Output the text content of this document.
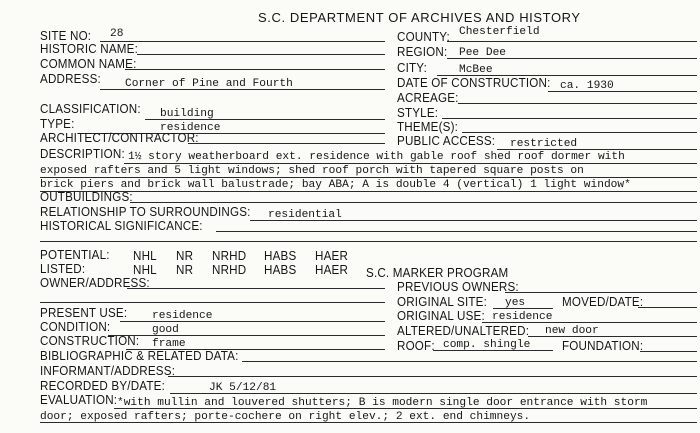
S.C. DEPARTMENT OF ARCHIVES AND HISTORY
SITE NO: 28
HISTORIC NAME:
COMMON NAME:
ADDRESS: Corner of Pine and Fourth
COUNTY: Chesterfield
REGION: Pee Dee
CITY:	McBee
DATE OF CONSTRUCTION: ca. 1930
ACREAGE:
CLASSIFICATION: building
TYPE:	residence
ARCHITECT/CONTRACTOR:
STYLE:
THEME(S):
PUBLIC ACCESS: restricted
DESCRIPTION: 1½ story weatherboard ext. residence with gable roof shed roof dormer with
exposed rafters and 5 light windows; shed roof porch with tapered square posts on
brick piers and brick wall balustrade; bay ABA; A is double 4 (vertical) 1 light window*
OUTBUILDINGS:
RELATIONSHIP TO SURROUNDINGS: residential
HISTORICAL SIGNIFICANCE:
POTENTIAL: NHL NR NRHD HABS HAER
LISTED:	NHL NR NRHD HABS HAER S.C. MARKER PROGRAM
OWNER/ADDRESS:	PREVIOUS OWNERS:
ORIGINAL SITE: yes	MOVED/DATE:
PRESENT USE: residence	ORIGINAL USE: residence
CONDITION:	good	ALTERED/UNALTERED: new door
CONSTRUCTION: frame	ROOF: comp. shingle	FOUNDATION:
BIBLIOGRAPHIC & RELATED DATA:
INFORMANT/ADDRESS:
RECORDED BY/DATE:	JK 5/12/81
EVALUATION: *with mullin and louvered shutters; B is modern single door entrance with storm
door; exposed rafters; porte-cochere on right elev.; 2 ext. end chimneys.
